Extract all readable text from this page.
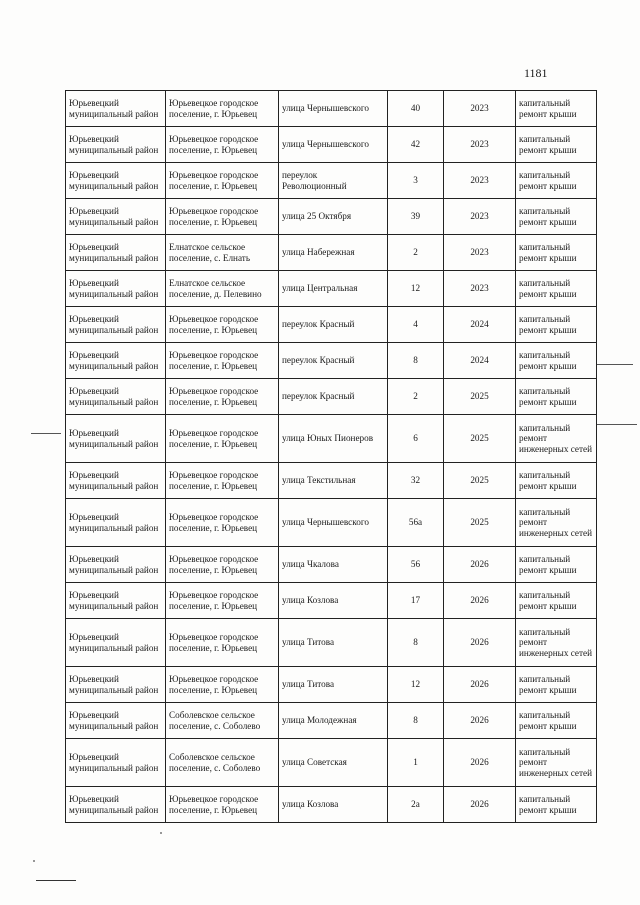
1181
Юрьевецкий муниципальный район	Юрьевецкое городское поселение, г. Юрьевец	улица Чернышевского	40	2023	капитальный ремонт крыши
Юрьевецкий муниципальный район	Юрьевецкое городское поселение, г. Юрьевец	улица Чернышевского	42	2023	капитальный ремонт крыши
Юрьевецкий муниципальный район	Юрьевецкое городское поселение, г. Юрьевец	переулок Революционный	3	2023	капитальный ремонт крыши
Юрьевецкий муниципальный район	Юрьевецкое городское поселение, г. Юрьевец	улица 25 Октября	39	2023	капитальный ремонт крыши
Юрьевецкий муниципальный район	Елнатское сельское поселение, с. Елнать	улица Набережная	2	2023	капитальный ремонт крыши
Юрьевецкий муниципальный район	Елнатское сельское поселение, д. Пелевино	улица Центральная	12	2023	капитальный ремонт крыши
Юрьевецкий муниципальный район	Юрьевецкое городское поселение, г. Юрьевец	переулок Красный	4	2024	капитальный ремонт крыши
Юрьевецкий муниципальный район	Юрьевецкое городское поселение, г. Юрьевец	переулок Красный	8	2024	капитальный ремонт крыши
Юрьевецкий муниципальный район	Юрьевецкое городское поселение, г. Юрьевец	переулок Красный	2	2025	капитальный ремонт крыши
Юрьевецкий муниципальный район	Юрьевецкое городское поселение, г. Юрьевец	улица Юных Пионеров	6	2025	капитальный ремонт инженерных сетей
Юрьевецкий муниципальный район	Юрьевецкое городское поселение, г. Юрьевец	улица Текстильная	32	2025	капитальный ремонт крыши
Юрьевецкий муниципальный район	Юрьевецкое городское поселение, г. Юрьевец	улица Чернышевского	56а	2025	капитальный ремонт инженерных сетей
Юрьевецкий муниципальный район	Юрьевецкое городское поселение, г. Юрьевец	улица Чкалова	56	2026	капитальный ремонт крыши
Юрьевецкий муниципальный район	Юрьевецкое городское поселение, г. Юрьевец	улица Козлова	17	2026	капитальный ремонт крыши
Юрьевецкий муниципальный район	Юрьевецкое городское поселение, г. Юрьевец	улица Титова	8	2026	капитальный ремонт инженерных сетей
Юрьевецкий муниципальный район	Юрьевецкое городское поселение, г. Юрьевец	улица Титова	12	2026	капитальный ремонт крыши
Юрьевецкий муниципальный район	Соболевское сельское поселение, с. Соболево	улица Молодежная	8	2026	капитальный ремонт крыши
Юрьевецкий муниципальный район	Соболевское сельское поселение, с. Соболево	улица Советская	1	2026	капитальный ремонт инженерных сетей
Юрьевецкий муниципальный район	Юрьевецкое городское поселение, г. Юрьевец	улица Козлова	2а	2026	капитальный ремонт крыши
